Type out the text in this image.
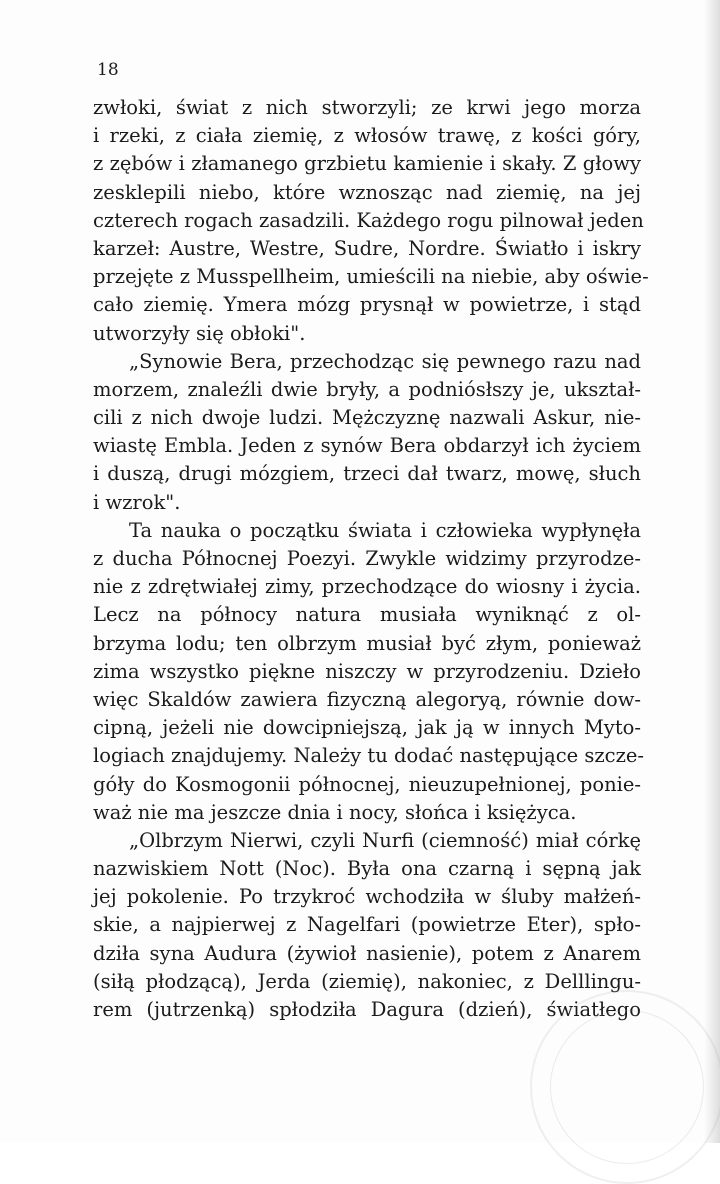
18
zwłoki, świat z nich stworzyli; ze krwi jego morza
i rzeki, z ciała ziemię, z włosów trawę, z kości góry,
z zębów i złamanego grzbietu kamienie i skały. Z głowy
zesklepili niebo, które wznosząc nad ziemię, na jej
czterech rogach zasadzili. Każdego rogu pilnował jeden
karzeł: Austre, Westre, Sudre, Nordre. Światło i iskry
przejęte z Musspellheim, umieścili na niebie, aby oświe-
cało ziemię. Ymera mózg prysnął w powietrze, i stąd
utworzyły się obłoki".
„Synowie Bera, przechodząc się pewnego razu nad
morzem, znaleźli dwie bryły, a podniósłszy je, ukształ-
cili z nich dwoje ludzi. Mężczyznę nazwali Askur, nie-
wiastę Embla. Jeden z synów Bera obdarzył ich życiem
i duszą, drugi mózgiem, trzeci dał twarz, mowę, słuch
i wzrok".
Ta nauka o początku świata i człowieka wypłynęła
z ducha Północnej Poezyi. Zwykle widzimy przyrodze-
nie z zdrętwiałej zimy, przechodzące do wiosny i życia.
Lecz na północy natura musiała wyniknąć z ol-
brzyma lodu; ten olbrzym musiał być złym, ponieważ
zima wszystko piękne niszczy w przyrodzeniu. Dzieło
więc Skaldów zawiera fizyczną alegoryą, równie dow-
cipną, jeżeli nie dowcipniejszą, jak ją w innych Myto-
logiach znajdujemy. Należy tu dodać następujące szcze-
góły do Kosmogonii północnej, nieuzupełnionej, ponie-
waż nie ma jeszcze dnia i nocy, słońca i księżyca.
„Olbrzym Nierwi, czyli Nurfi (ciemność) miał córkę
nazwiskiem Nott (Noc). Była ona czarną i sępną jak
jej pokolenie. Po trzykroć wchodziła w śluby małżeń-
skie, a najpierwej z Nagelfari (powietrze Eter), spło-
dziła syna Audura (żywioł nasienie), potem z Anarem
(siłą płodzącą), Jerda (ziemię), nakoniec, z Delllingu-
rem (jutrzenką) spłodziła Dagura (dzień), światłego
